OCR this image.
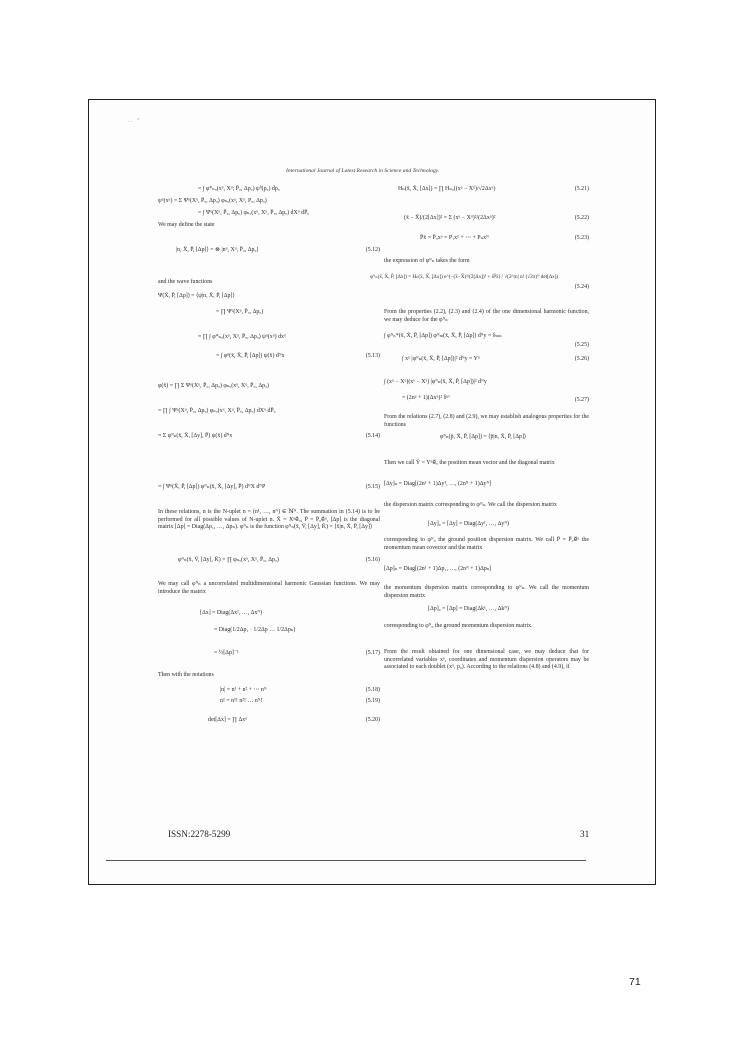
ˎ ˏˊ ´ᵃᵗ
International Journal of Latest Research in Science and Technology.
= ∫ φ*ₙᵤ(xᵘ, Xᵘ; P̄ᵤ, Δpᵤ) ψ̃ᵘ(pᵤ) dpᵤ
ψᵘ(xᵘ) = Σ Ψᵘ(Xᵘ, P̄ᵤ, Δpᵤ) φₙᵤ(xᵘ, Xᵘ, Pᵤ, Δpᵤ)
= ∫ Ψᵘ(Xᵘ, P̄ᵤ, Δpᵤ) φₙᵤ(xᵘ, Xᵘ, P̄ᵤ, Δpᵤ) dXᵘ dP̄ᵤ
We may define the state
|n, X̄, P̄, [Δp]⟩ = ⊗ |nᵘ, Xᵘ, P̄ᵤ, Δpᵤ⟩	(5.12)
and the wave functions
Ψ(X̄, P̄, [Δp]) = ⟨ψ|n, X̄, P̄, [Δp]⟩
= ∏ Ψᵘ(Xᵘ, P̄ᵤ, Δpᵤ)
= ∏ ∫ φ*ₙᵤ(xᵘ, Xᵘ, P̄ᵤ, Δpᵤ) ψᵘ(xᵘ) dxᵘ
= ∫ φⁿ(x̄, X̄, P̄, [Δp]) ψ(x̄) dᴺx	(5.13)
φ(x̄) = ∏ Σ Ψᵘ(Xᵘ, P̄ᵤ, Δpᵤ) φₙᵤ(xᵘ, Xᵘ, P̄ᵤ, Δpᵤ)
= ∏ ∫ Ψᵘ(Xᵘ, P̄ᵤ, Δpᵤ) φₙᵤ(xᵘ, Xᵘ, P̄ᵤ, Δpᵤ) dXᵘ dP̄ᵤ
= Σ φᴺₙ(x̄, X̄, [Δy], P̄) ψ(x̄) dᴺx	(5.14)
= ∫ Ψⁿ(X̄, P̄, [Δp]) φᴺₙ(x̄, X̄, [Δy], P̄) dᴺX dᴺP	(5.15)
In these relations, n is the N-uplet n = (n¹, …, nᴺ) ∈ ℕᴺ. The summation in (5.14) is to be performed for all possible values of N-uplet n. X̄ = Xᵘe⃗ᵤ, P̄ = P̄ᵤe⃗ᵘ, [Δp] is the diagonal matrix [Δp] = Diag(Δp₁, …, Δpₙ). φᴺₙ is the function φᴺₙ(x̄, V̄, [Δy], K̄) = ⟨x̄|n, X̄, P̄, [Δy]⟩
φᴺₙ(x̄, V̄, [Δy], K̄) = ∏ φₙᵤ(xᵘ, Xᵘ, P̄ᵤ, Δpᵤ)	(5.16)
We may call φᴺₙ a uncorrelated multidimensional harmonic Gaussian functions. We may introduce the matrix
[Δx] = Diag(Δx¹, …, Δxᴺ)
= Diag(1/2Δp₁ · 1/2Δp … 1/2Δpₙ)
= ½[Δp]⁻¹	(5.17)
Then with the notations
|n| = n¹ + n² + ⋯ nᴺ	(5.18)
n! = n¹! n²! … nᴺ!	(5.19)
det[Δx] = ∏ Δxᵘ	(5.20)
Hₙ(x̄, X̄, [Δx]) = ∏ Hₙᵤ((xᵘ − Xᵘ)/√2Δxᵘ)	(5.21)
(x̄ − X̄)/(2[Δx])² = Σ (xᵘ − Xᵘ)²/(2Δxᵘ)²	(5.22)
P̄x̄ = P̄ᵤxᵘ = P₁x¹ + ⋯ + Pₙxᴺ	(5.23)
the expression of φᴺₙ takes the form
φᴺₙ(x̄, X̄, P̄, [Δx]) = Hₙ(x̄, X̄, [Δx]) e^(−(x̄−X̄)²/(2[Δx])² + iP̄x̄) / √(2^|n| n! (√2π)ᴺ det[Δx])
(5.24)
From the properties (2.2), (2.3) and (2.4) of the one dimensional harmonic function, we may deduce for the φᴺₙ
∫ φᴺₙ*(x̄, X̄, P̄, [Δp]) φᴺₘ(x̄, X̄, P̄, [Δp]) dᴺy = δₙₘ
(5.25)
∫ xᵘ |φᴺₙ(x̄, X̄, P̄, [Δp])|² dᴺy = Yᵘ	(5.26)
∫ (xᵘ − Xᵘ)(xᵛ − Xᵛ) |φᴺₙ(x̄, X̄, P̄, [Δp])|² dᴺy
= (2nᵘ + 1)(Δxᵘ)² δᵘᵛ	(5.27)
From the relations (2.7), (2.8) and (2.9), we may establish analogous properties for the functions
φᴺₙ(p̄, X̄, P̄, [Δp]) = ⟨p̄|n, X̄, P̄, [Δp]⟩
Then we call Ȳ = Yᵘe⃗ᵤ the position mean vector and the diagonal matrix
[Δy]ₙ = Diag[(2n¹ + 1)Δy¹, …, (2nᴺ + 1)Δyᴺ]
the dispersion matrix corresponding to φᴺₙ. We call the dispersion matrix
[Δy]₀ = [Δy] = Diag(Δy¹, …, Δyᴺ)
corresponding to φᴺ₀ the ground position dispersion matrix. We call P̄ = P̄ᵤe⃗ᵘ the momentum mean covector and the matrix
[Δp]ₙ = Diag[(2n¹ + 1)Δp₁, …, (2nᴺ + 1)Δpₙ]
the momentum dispersion matrix corresponding to φᴺₙ. We call the momentum dispersion matrix
[Δp]₀ = [Δp] = Diag(Δk¹, …, Δkᴺ)
corresponding to φᴺ₀ the ground momentum dispersion matrix.
From the result obtained for one dimensional case, we may deduce that for uncorrelated variables xᵘ, coordinates and momentum dispersion operators may be associated to each doublet (xᵘ, pᵤ). According to the relations (4.8) and (4.9), if
ISSN:2278-5299	31
71
